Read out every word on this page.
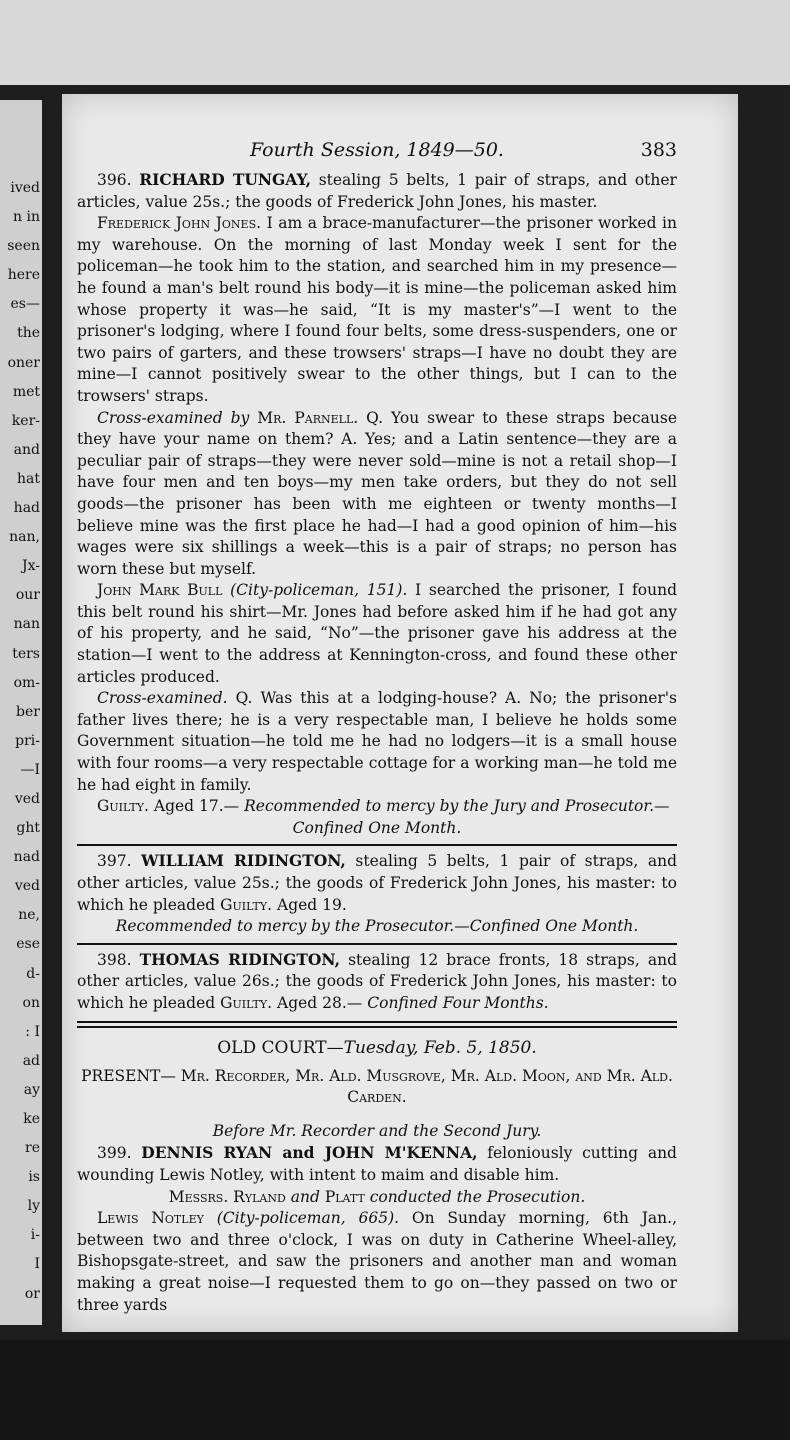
ived
n in
seen
here
es—
the
oner
met
ker-
and
hat
had
nan,
Jx-
our
nan
ters
om-
ber
pri-
—I
ved
ght
nad
ved
ne,
ese
d-
on
: I
ad
ay
ke
re
is
ly
i-
I
or
Fourth Session, 1849—50.	383

396. RICHARD TUNGAY, stealing 5 belts, 1 pair of straps, and other articles, value 25s.; the goods of Frederick John Jones, his master.

Frederick John Jones. I am a brace-manufacturer—the prisoner worked in my warehouse. On the morning of last Monday week I sent for the policeman—he took him to the station, and searched him in my presence—he found a man's belt round his body—it is mine—the policeman asked him whose property it was—he said, “It is my master's”—I went to the prisoner's lodging, where I found four belts, some dress-suspenders, one or two pairs of garters, and these trowsers' straps—I have no doubt they are mine—I cannot positively swear to the other things, but I can to the trowsers' straps.

Cross-examined by Mr. Parnell. Q. You swear to these straps because they have your name on them? A. Yes; and a Latin sentence—they are a peculiar pair of straps—they were never sold—mine is not a retail shop—I have four men and ten boys—my men take orders, but they do not sell goods—the prisoner has been with me eighteen or twenty months—I believe mine was the first place he had—I had a good opinion of him—his wages were six shillings a week—this is a pair of straps; no person has worn these but myself.

John Mark Bull (City-policeman, 151). I searched the prisoner, I found this belt round his shirt—Mr. Jones had before asked him if he had got any of his property, and he said, “No”—the prisoner gave his address at the station—I went to the address at Kennington-cross, and found these other articles produced.

Cross-examined. Q. Was this at a lodging-house? A. No; the prisoner's father lives there; he is a very respectable man, I believe he holds some Government situation—he told me he had no lodgers—it is a small house with four rooms—a very respectable cottage for a working man—he told me he had eight in family.

Guilty. Aged 17.— Recommended to mercy by the Jury and Prosecutor.—

Confined One Month.

397. WILLIAM RIDINGTON, stealing 5 belts, 1 pair of straps, and other articles, value 25s.; the goods of Frederick John Jones, his master: to which he pleaded Guilty. Aged 19.

Recommended to mercy by the Prosecutor.—Confined One Month.

398. THOMAS RIDINGTON, stealing 12 brace fronts, 18 straps, and other articles, value 26s.; the goods of Frederick John Jones, his master: to which he pleaded Guilty. Aged 28.— Confined Four Months.

OLD COURT—Tuesday, Feb. 5, 1850.

PRESENT— Mr. Recorder, Mr. Ald. Musgrove, Mr. Ald. Moon, and Mr. Ald. Carden.

Before Mr. Recorder and the Second Jury.

399. DENNIS RYAN and JOHN M'KENNA, feloniously cutting and wounding Lewis Notley, with intent to maim and disable him.

Messrs. Ryland and Platt conducted the Prosecution.

Lewis Notley (City-policeman, 665). On Sunday morning, 6th Jan., between two and three o'clock, I was on duty in Catherine Wheel-alley, Bishopsgate-street, and saw the prisoners and another man and woman making a great noise—I requested them to go on—they passed on two or three yards
